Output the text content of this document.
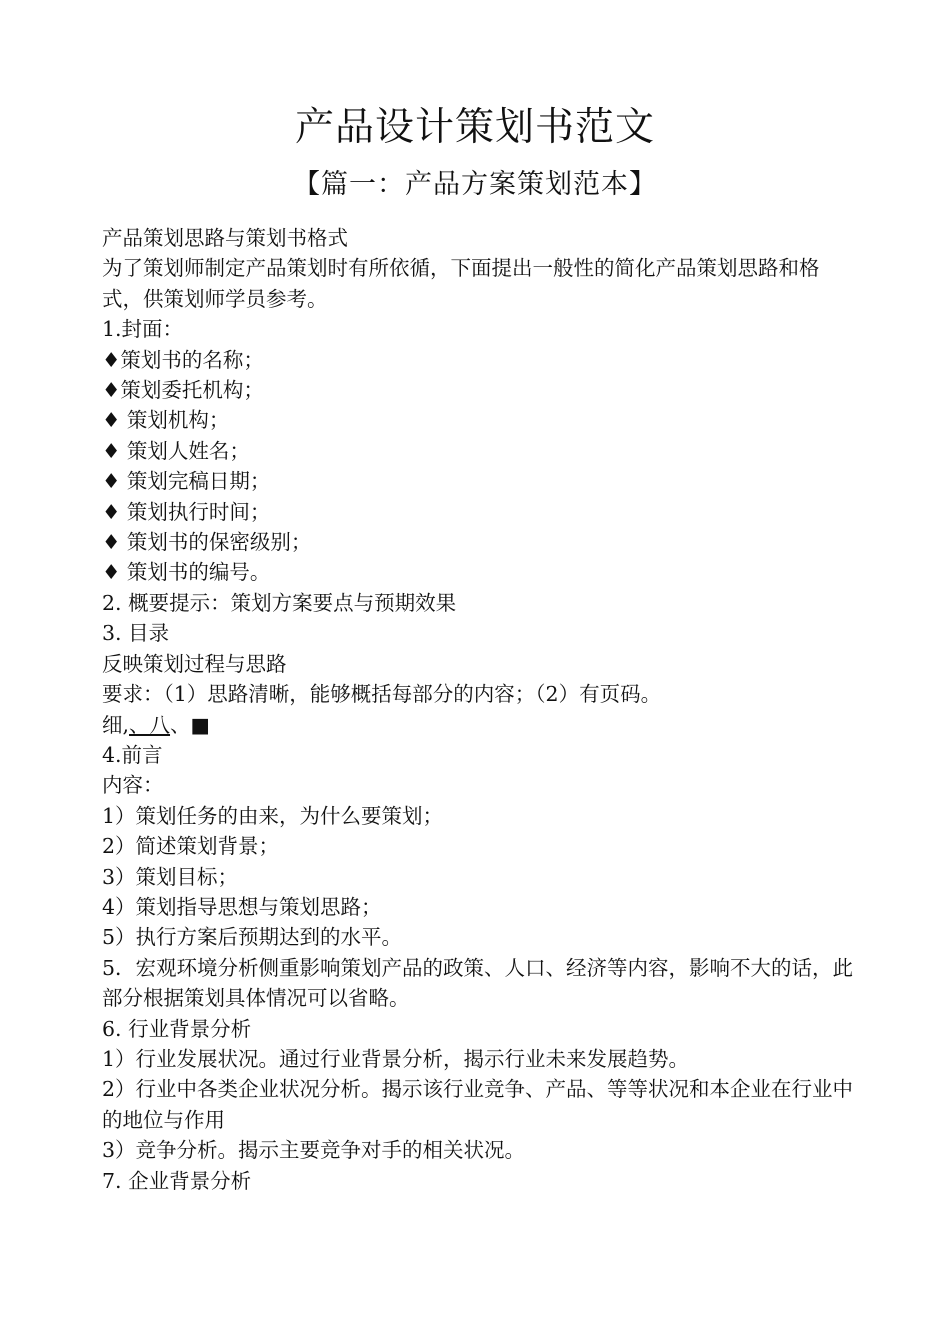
产品设计策划书范文
【篇一：产品方案策划范本】

产品策划思路与策划书格式

为了策划师制定产品策划时有所依循，下面提出一般性的简化产品策划思路和格式，供策划师学员参考。

1.封面：

♦策划书的名称；

♦策划委托机构；

♦ 策划机构；

♦ 策划人姓名；

♦ 策划完稿日期；

♦ 策划执行时间；

♦ 策划书的保密级别；

♦ 策划书的编号。

2. 概要提示：策划方案要点与预期效果

3. 目录

反映策划过程与思路

要求：（1）思路清晰，能够概括每部分的内容；（2）有页码。

细,、八、■

4.前言

内容：

1）策划任务的由来，为什么要策划；

2）简述策划背景；

3）策划目标；

4）策划指导思想与策划思路；

5）执行方案后预期达到的水平。

5．宏观环境分析侧重影响策划产品的政策、人口、经济等内容，影响不大的话，此部分根据策划具体情况可以省略。

6. 行业背景分析

1）行业发展状况。通过行业背景分析，揭示行业未来发展趋势。

2）行业中各类企业状况分析。揭示该行业竞争、产品、等等状况和本企业在行业中的地位与作用

3）竞争分析。揭示主要竞争对手的相关状况。

7. 企业背景分析
